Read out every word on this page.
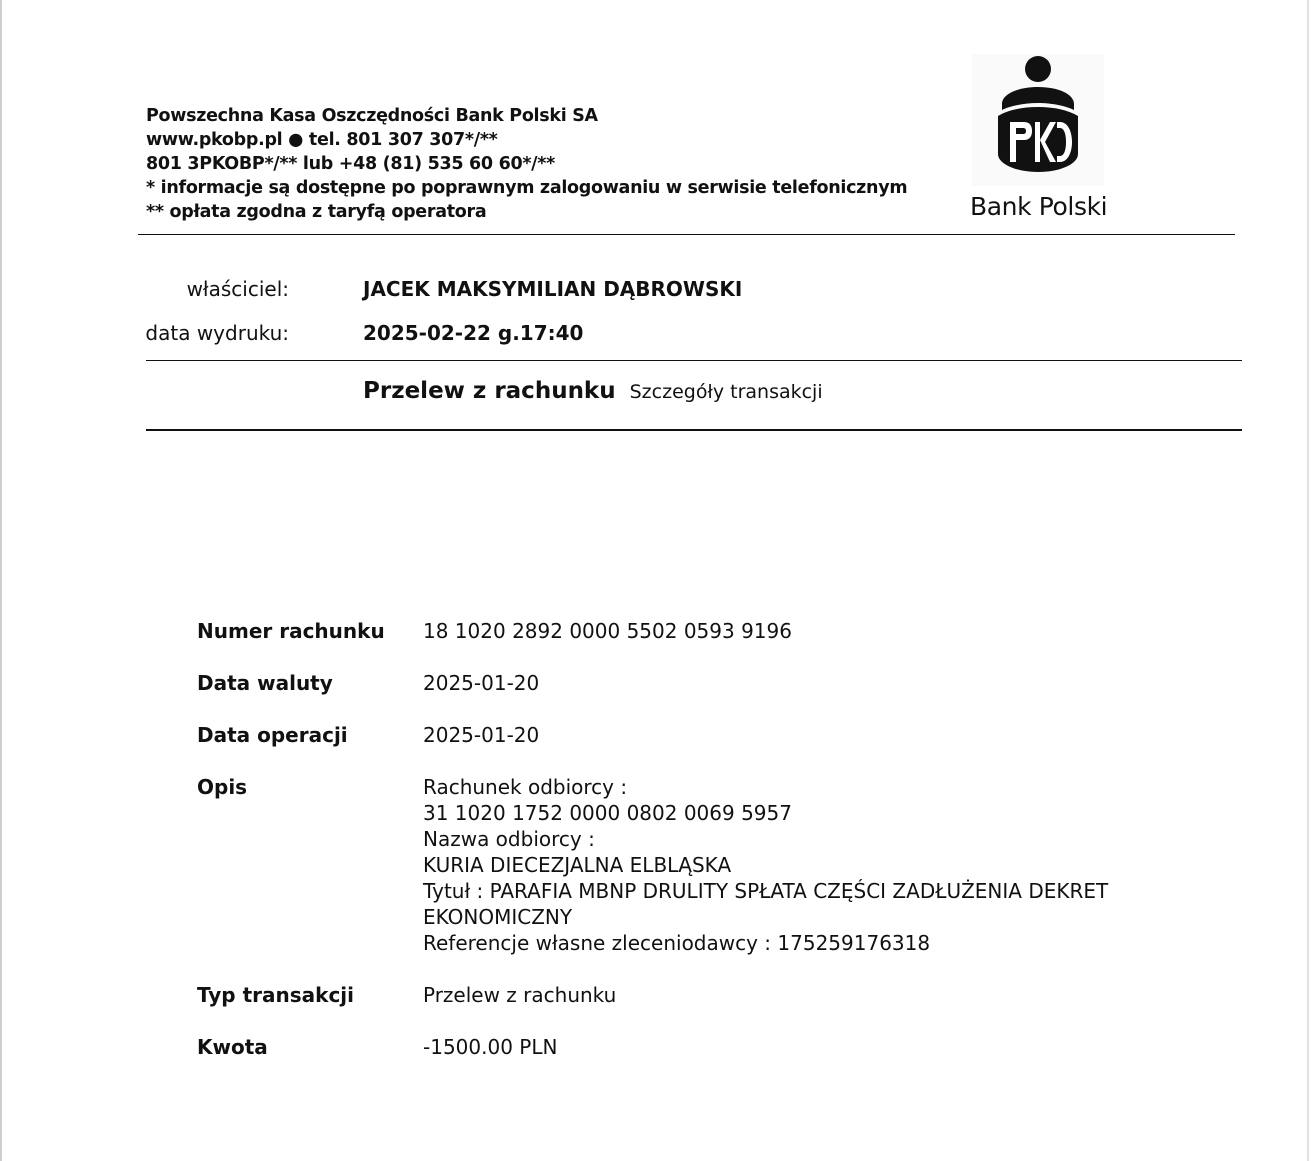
Powszechna Kasa Oszczędności Bank Polski SA
www.pkobp.pl ● tel. 801 307 307*/**
801 3PKOBP*/** lub +48 (81) 535 60 60*/**
* informacje są dostępne po poprawnym zalogowaniu w serwisie telefonicznym
** opłata zgodna z taryfą operatora	Bank Polski
właściciel:	JACEK MAKSYMILIAN DĄBROWSKI
data wydruku:	2025-02-22 g.17:40
Przelew z rachunku Szczegóły transakcji
Numer rachunku	18 1020 2892 0000 5502 0593 9196
Data waluty	2025-01-20
Data operacji	2025-01-20
Opis	Rachunek odbiorcy :
31 1020 1752 0000 0802 0069 5957
Nazwa odbiorcy :
KURIA DIECEZJALNA ELBLĄSKA
Tytuł : PARAFIA MBNP DRULITY SPŁATA CZĘŚCI ZADŁUŻENIA DEKRET
EKONOMICZNY
Referencje własne zleceniodawcy : 175259176318
Typ transakcji	Przelew z rachunku
Kwota	-1500.00 PLN
